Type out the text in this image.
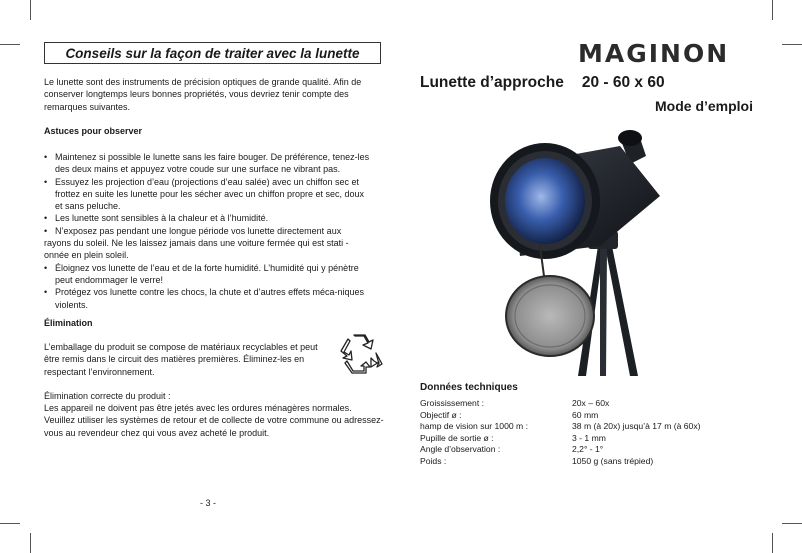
Conseils sur la façon de traiter avec la lunette
Le lunette sont des instruments de précision optiques de grande qualité. Afin de conserver longtemps leurs bonnes propriétés, vous devriez tenir compte des remarques suivantes.
Astuces pour observer
• Maintenez si possible le lunette sans les faire bouger. De préférence, tenez-les des deux mains et appuyez votre coude sur une surface ne vibrant pas.
• Essuyez les projection d’eau (projections d’eau salée) avec un chiffon sec et frottez en suite les lunette pour les sécher avec un chiffon propre et sec, doux et sans peluche.
• Les lunette sont sensibles à la chaleur et à l’humidité.
• N’exposez pas pendant une longue période vos lunette directement aux
rayons du soleil. Ne les laissez jamais dans une voiture fermée qui est stati - onnée en plein soleil.
• Éloignez vos lunette de l’eau et de la forte humidité. L’humidité qui y pénètre peut endommager le verre!
• Protégez vos lunette contre les chocs, la chute et d’autres effets méca-niques violents.
Élimination
L’emballage du produit se compose de matériaux recyclables et peut être remis dans le circuit des matières premières. Éliminez-les en respectant l’environnement.
Élimination correcte du produit :
Les appareil ne doivent pas être jetés avec les ordures ménagères normales. Veuillez utiliser les systèmes de retour et de collecte de votre commune ou adressez-vous au revendeur chez qui vous avez acheté le produit.
- 3 -
MAGINON
Lunette d’approche 20 - 60 x 60
Mode d’emploi
Données techniques
Groississement :	20x – 60x
Objectif ø :	60 mm
hamp de vision sur 1000 m :	38 m (à 20x) jusqu’à 17 m (à 60x)
Pupille de sortie ø :	3 - 1 mm
Angle d’observation :	2,2° - 1°
Poids :	1050 g (sans trépied)
